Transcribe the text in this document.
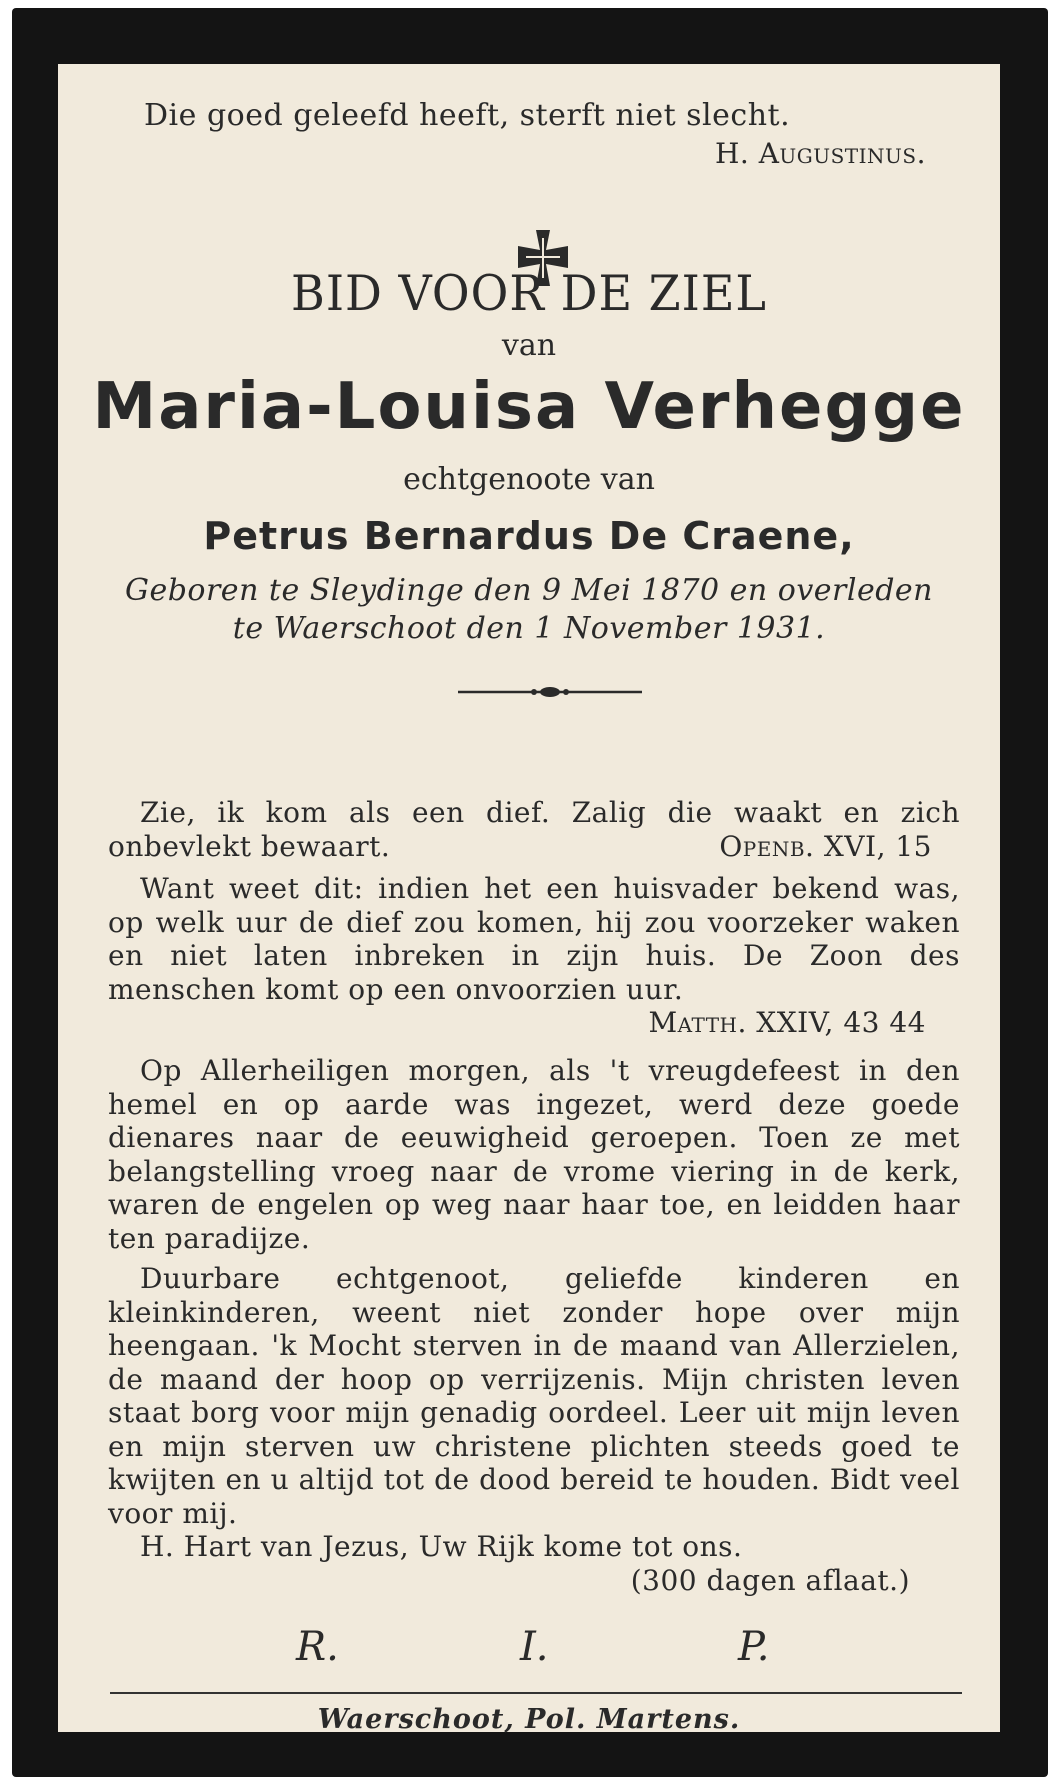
Die goed geleefd heeft, sterft niet slecht.
H. Augustinus.
BID VOOR DE ZIEL
van
Maria-Louisa Verhegge
echtgenoote van
Petrus Bernardus De Craene,
Geboren te Sleydinge den 9 Mei 1870 en overleden te Waerschoot den 1 November 1931.

Zie, ik kom als een dief. Zalig die waakt en zich onbevlekt bewaart.	Openb. XVI, 15

Want weet dit: indien het een huisvader bekend was, op welk uur de dief zou komen, hij zou voorzeker waken en niet laten inbreken in zijn huis. De Zoon des menschen komt op een onvoorzien uur.

Matth. XXIV, 43 44

Op Allerheiligen morgen, als 't vreugdefeest in den hemel en op aarde was ingezet, werd deze goede dienares naar de eeuwigheid geroepen. Toen ze met belangstelling vroeg naar de vrome viering in de kerk, waren de engelen op weg naar haar toe, en leidden haar ten paradijze.

Duurbare echtgenoot, geliefde kinderen en kleinkinderen, weent niet zonder hope over mijn heengaan. 'k Mocht sterven in de maand van Allerzielen, de maand der hoop op verrijzenis. Mijn christen leven staat borg voor mijn genadig oordeel. Leer uit mijn leven en mijn sterven uw christene plichten steeds goed te kwijten en u altijd tot de dood bereid te houden. Bidt veel voor mij.

H. Hart van Jezus, Uw Rijk kome tot ons.

(300 dagen aflaat.)
R.	I.	P.
Waerschoot, Pol. Martens.
